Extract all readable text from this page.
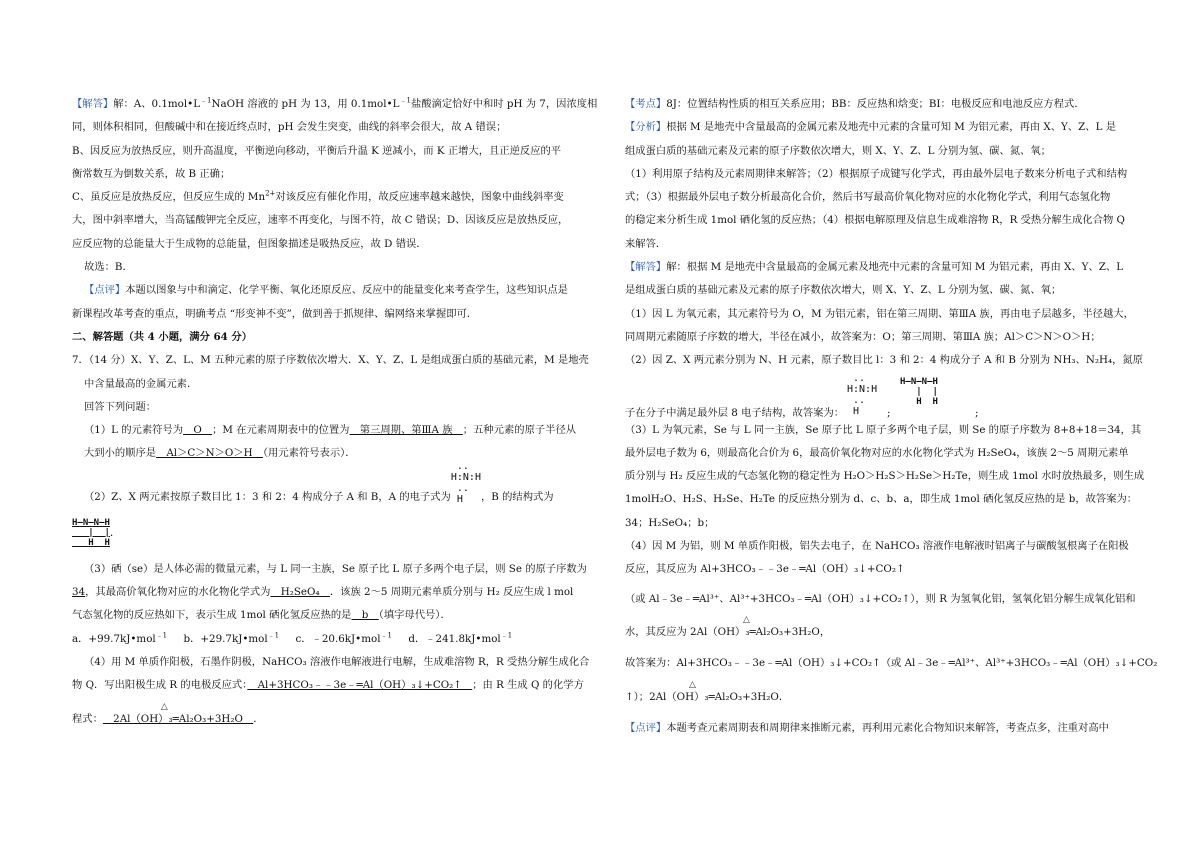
【解答】解：A、$0.1mol•L^{﹣1}NaOH$ 溶液的 pH 为 13，用 $0.1mol•L^{﹣1}$盐酸滴定恰好中和时 pH 为 7，因浓度相

同，则体积相同，但酸碱中和在接近终点时，pH 会发生突变，曲线的斜率会很大，故 A 错误；

B、因反应为放热反应，则升高温度，平衡逆向移动，平衡后升温 K 逆减小，而 K 正增大，且正逆反应的平

衡常数互为倒数关系，故 B 正确；

C、虽反应是放热反应，但反应生成的 $Mn^{2+}$对该反应有催化作用，故反应速率越来越快，图象中曲线斜率变

大，图中斜率增大，当高锰酸钾完全反应，速率不再变化，与图不符，故 C 错误；D、因该反应是放热反应，

应反应物的总能量大于生成物的总能量，但图象描述是吸热反应，故 D 错误．

故选：B．

【点评】本题以图象与中和滴定、化学平衡、氧化还原反应、反应中的能量变化来考查学生，这些知识点是

新课程改革考查的重点，明确考点 “形变神不变”，做到善于抓规律、编网络来掌握即可．

二、解答题（共 4 小题，满分 64 分）

7．（14 分）X、Y、Z、L、M 五种元素的原子序数依次增大．X、Y、Z、L 是组成蛋白质的基础元素，M 是地壳

中含量最高的金属元素．

回答下列问题：

（1）L 的元素符号为　O　；M 在元素周期表中的位置为　第三周期、第ⅢA 族　；五种元素的原子半径从

大到小的顺序是　Al＞C＞N＞O＞H　（用元素符号表示）．

（2）Z、X 两元素按原子数目比 1：3 和 2：4 构成分子 A 和 B，A 的电子式为 ..
H:N:H
..
H ，B 的结构式为

H—N—N—H
|  |
H  H．

（3）硒（se）是人体必需的微量元素，与 L 同一主族，Se 原子比 L 原子多两个电子层，则 Se 的原子序数为

34，其最高价氧化物对应的水化物化学式为　H₂SeO₄　．该族 2～5 周期元素单质分别与 H₂ 反应生成 l mol

气态氢化物的反应热如下，表示生成 1mol 硒化氢反应热的是　b　（填字母代号）．

a．+99.7kJ•mol$^{﹣1}$ b．+29.7kJ•mol$^{﹣1}$ c．﹣20.6kJ•mol$^{﹣1}$ d．﹣241.8kJ•mol$^{﹣1}$

（4）用 M 单质作阳极，石墨作阴极，NaHCO₃ 溶液作电解液进行电解，生成难溶物 R，R 受热分解生成化合

物 Q．写出阳极生成 R 的电极反应式：　Al+3HCO₃﹣﹣3e﹣═Al（OH）₃↓+CO₂↑　；由 R 生成 Q 的化学方

程式：
△
　2Al（OH）₃═Al₂O₃+3H₂O　．

【考点】8J：位置结构性质的相互关系应用；BB：反应热和焓变；BI：电极反应和电池反应方程式．

【分析】根据 M 是地壳中含量最高的金属元素及地壳中元素的含量可知 M 为铝元素，再由 X、Y、Z、L 是

组成蛋白质的基础元素及元素的原子序数依次增大，则 X、Y、Z、L 分别为氢、碳、氮、氧；

（1）利用原子结构及元素周期律来解答；（2）根据原子成键写化学式，再由最外层电子数来分析电子式和结构

式；（3）根据最外层电子数分析最高化合价，然后书写最高价氧化物对应的水化物化学式，利用气态氢化物

的稳定来分析生成 1mol 硒化氢的反应热；（4）根据电解原理及信息生成难溶物 R，R 受热分解生成化合物 Q

来解答．

【解答】解：根据 M 是地壳中含量最高的金属元素及地壳中元素的含量可知 M 为铝元素，再由 X、Y、Z、L

是组成蛋白质的基础元素及元素的原子序数依次增大，则 X、Y、Z、L 分别为氢、碳、氮、氧；

（1）因 L 为氧元素，其元素符号为 O，M 为铝元素，铝在第三周期、第ⅢA 族，再由电子层越多，半径越大，

同周期元素随原子序数的增大，半径在减小，故答案为：O；第三周期、第ⅢA 族；Al＞C＞N＞O＞H；

（2）因 Z、X 两元素分别为 N、H 元素，原子数目比 l：3 和 2：4 构成分子 A 和 B 分别为 NH₃、N₂H₄，氮原

子在分子中满足最外层 8 电子结构，故答案为：
..
H:N:H
..
H
H—N—N—H
|  |
H  H
;	;

（3）L 为氧元素，Se 与 L 同一主族，Se 原子比 L 原子多两个电子层，则 Se 的原子序数为 8+8+18＝34，其

最外层电子数为 6，则最高化合价为 6，最高价氧化物对应的水化物化学式为 H₂SeO₄，该族 2～5 周期元素单

质分别与 H₂ 反应生成的气态氢化物的稳定性为 H₂O＞H₂S＞H₂Se＞H₂Te，则生成 1mol 水时放热最多，则生成

1molH₂O、H₂S、H₂Se、H₂Te 的反应热分别为 d、c、b、a，即生成 1mol 硒化氢反应热的是 b，故答案为：

34；H₂SeO₄；b；

（4）因 M 为铝，则 M 单质作阳极，铝失去电子，在 NaHCO₃ 溶液作电解液时铝离子与碳酸氢根离子在阳极

反应，其反应为 Al+3HCO₃﹣﹣3e﹣═Al（OH）₃↓+CO₂↑

（或 Al﹣3e﹣═Al³⁺、Al³⁺+3HCO₃﹣═Al（OH）₃↓+CO₂↑），则 R 为氢氧化铝，氢氧化铝分解生成氧化铝和

△
水，其反应为 2Al（OH）₃═Al₂O₃+3H₂O，

故答案为：Al+3HCO₃﹣﹣3e﹣═Al（OH）₃↓+CO₂↑（或 Al﹣3e﹣═Al³⁺、Al³⁺+3HCO₃﹣═Al（OH）₃↓+CO₂

△
↑）；2Al（OH）₃═Al₂O₃+3H₂O．

【点评】本题考查元素周期表和周期律来推断元素，再利用元素化合物知识来解答，考查点多，注重对高中
